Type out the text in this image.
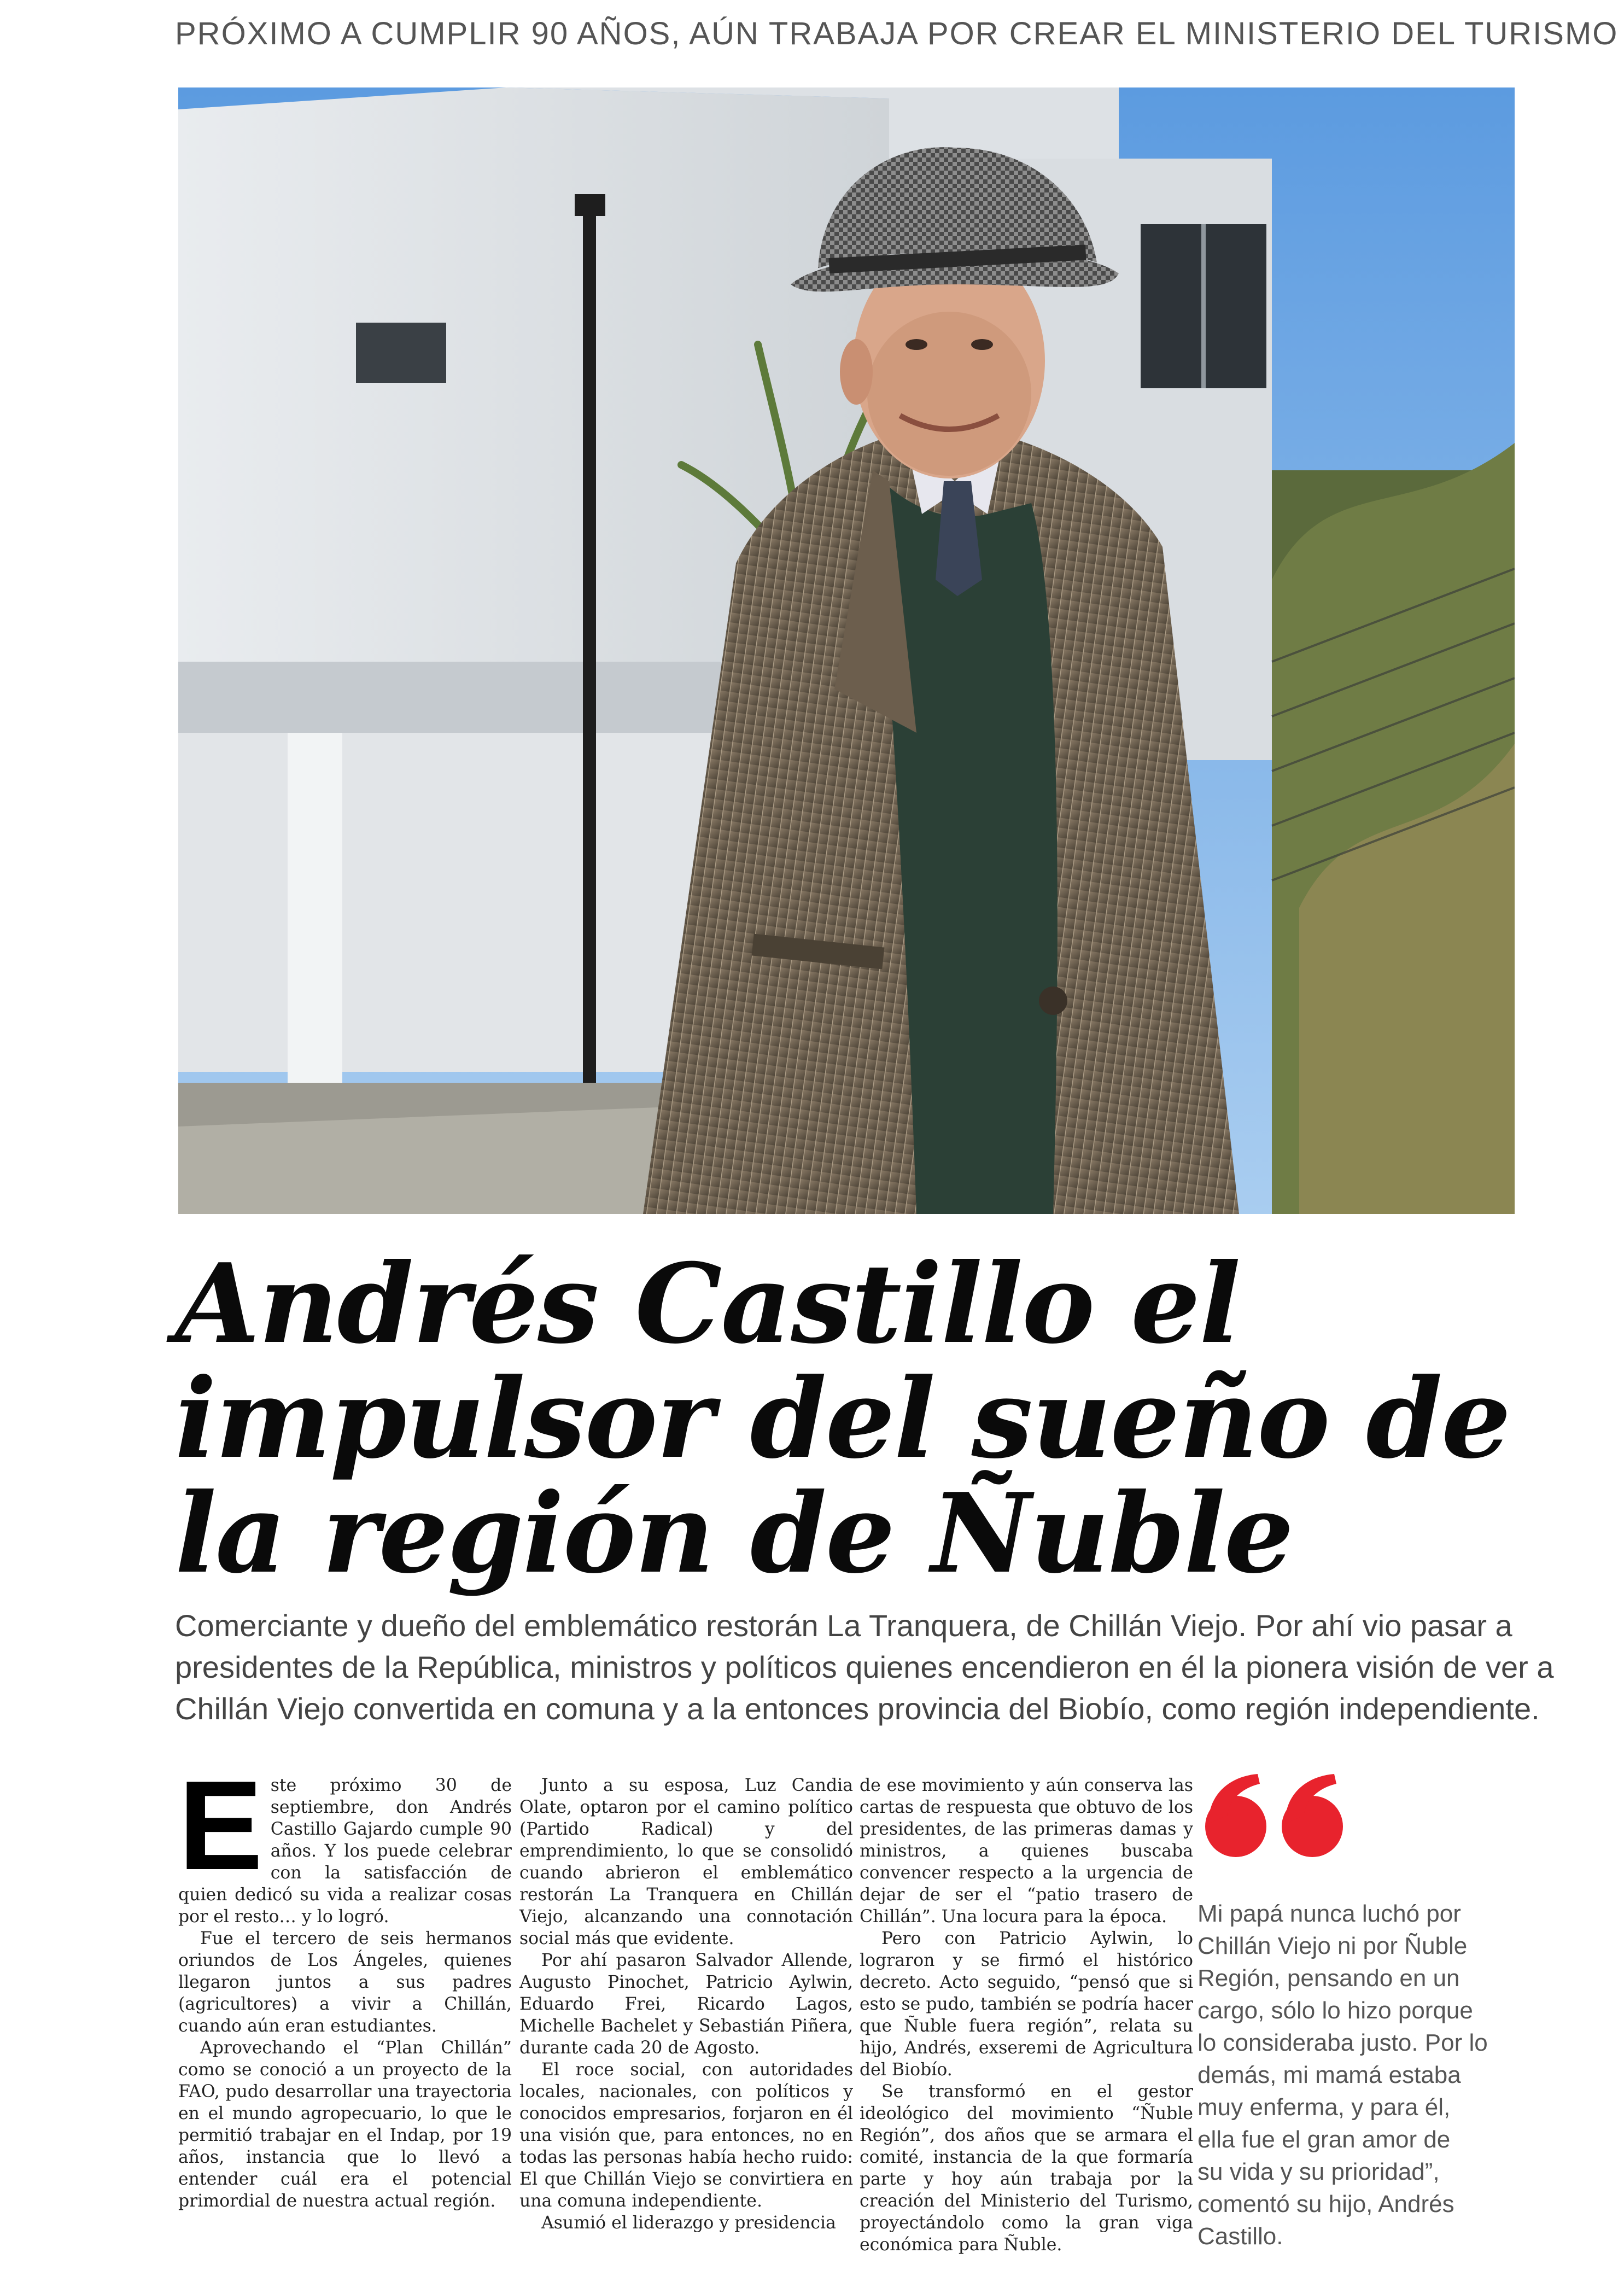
PRÓXIMO A CUMPLIR 90 AÑOS, AÚN TRABAJA POR CREAR EL MINISTERIO DEL TURISMO
Andrés Castillo el
impulsor del sueño de
la región de Ñuble

Comerciante y dueño del emblemático restorán La Tranquera, de Chillán Viejo. Por ahí vio pasar a
presidentes de la República, ministros y políticos quienes encendieron en él la pionera visión de ver a
Chillán Viejo convertida en comuna y a la entonces provincia del Biobío, como región independiente.

Este próximo 30 de septiembre, don Andrés Castillo Gajardo cumple 90 años. Y los puede celebrar con la satisfacción de quien dedicó su vida a realizar cosas por el resto… y lo logró.

Fue el tercero de seis hermanos oriundos de Los Ángeles, quienes llegaron juntos a sus padres (agricultores) a vivir a Chillán, cuando aún eran estudiantes.

Aprovechando el “Plan Chillán” como se conoció a un proyecto de la FAO, pudo desarrollar una trayectoria en el mundo agropecuario, lo que le permitió trabajar en el Indap, por 19 años, instancia que lo llevó a entender cuál era el potencial primordial de nuestra actual región.

Junto a su esposa, Luz Candia Olate, optaron por el camino político (Partido Radical) y del emprendimiento, lo que se consolidó cuando abrieron el emblemático restorán La Tranquera en Chillán Viejo, alcanzando una connotación social más que evidente.

Por ahí pasaron Salvador Allende, Augusto Pinochet, Patricio Aylwin, Eduardo Frei, Ricardo Lagos, Michelle Bachelet y Sebastián Piñera, durante cada 20 de Agosto.

El roce social, con autoridades locales, nacionales, con políticos y conocidos empresarios, forjaron en él una visión que, para entonces, no en todas las personas había hecho ruido: El que Chillán Viejo se convirtiera en una comuna independiente.

Asumió el liderazgo y presidencia

de ese movimiento y aún conserva las cartas de respuesta que obtuvo de los presidentes, de las primeras damas y ministros, a quienes buscaba convencer respecto a la urgencia de dejar de ser el “patio trasero de Chillán”. Una locura para la época.

Pero con Patricio Aylwin, lo lograron y se firmó el histórico decreto. Acto seguido, “pensó que si esto se pudo, también se podría hacer que Ñuble fuera región”, relata su hijo, Andrés, exseremi de Agricultura del Biobío.

Se transformó en el gestor ideológico del movimiento “Ñuble Región”, dos años que se armara el comité, instancia de la que formaría parte y hoy aún trabaja por la creación del Ministerio del Turismo, proyectándolo como la gran viga económica para Ñuble.

Mi papá nunca luchó por
Chillán Viejo ni por Ñuble
Región, pensando en un
cargo, sólo lo hizo porque
lo consideraba justo. Por lo
demás, mi mamá estaba
muy enferma, y para él,
ella fue el gran amor de
su vida y su prioridad”,
comentó su hijo, Andrés
Castillo.
